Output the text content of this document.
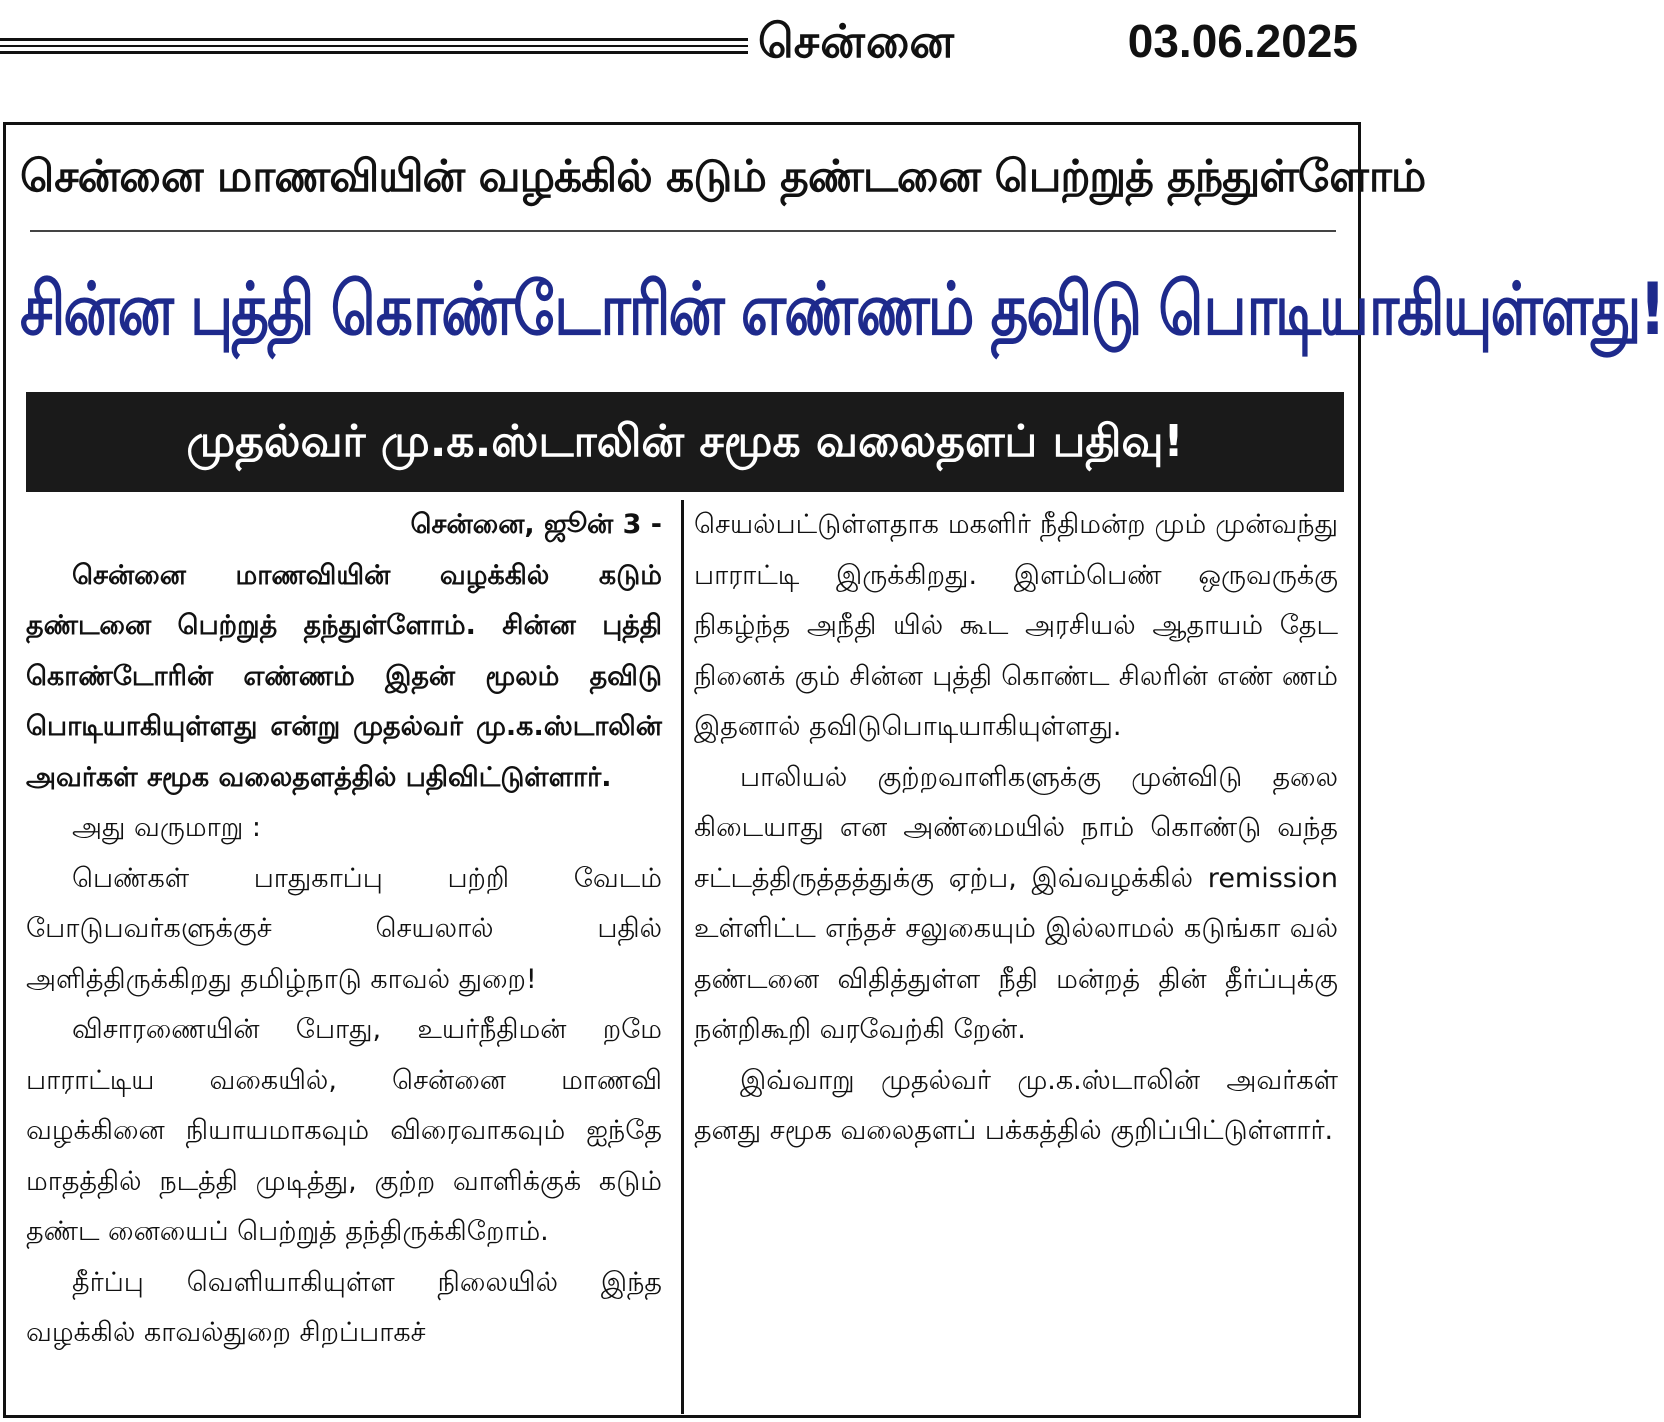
சென்னை	03.06.2025
சென்னை மாணவியின் வழக்கில் கடும் தண்டனை பெற்றுத் தந்துள்ளோம்
சின்ன புத்தி கொண்டோரின் எண்ணம் தவிடு பொடியாகியுள்ளது!
முதல்வர் மு.க.ஸ்டாலின் சமூக வலைதளப் பதிவு!

சென்னை, ஜூன் 3 -

சென்னை மாணவியின் வழக்கில் கடும் தண்டனை பெற்றுத் தந்துள்ளோம். சின்ன புத்தி கொண்டோரின் எண்ணம் இதன் மூலம் தவிடு பொடியாகியுள்ளது என்று முதல்வர் மு.க.ஸ்டாலின் அவர்கள் சமூக வலைதளத்தில் பதிவிட்டுள்ளார்.

அது வருமாறு :

பெண்கள் பாதுகாப்பு பற்றி வேடம் போடுபவர்களுக்குச் செயலால் பதில் அளித்திருக்கிறது தமிழ்நாடு காவல் துறை!

விசாரணையின் போது, உயர்நீதிமன் றமே பாராட்டிய வகையில், சென்னை மாணவி வழக்கினை நியாயமாகவும் விரைவாகவும் ஐந்தே மாதத்தில் நடத்தி முடித்து, குற்ற வாளிக்குக் கடும் தண்ட னையைப் பெற்றுத் தந்திருக்கிறோம்.

தீர்ப்பு வெளியாகியுள்ள நிலையில் இந்த வழக்கில் காவல்துறை சிறப்பாகச்

செயல்பட்டுள்ளதாக மகளிர் நீதிமன்ற மும் முன்வந்து பாராட்டி இருக்கிறது. இளம்பெண் ஒருவருக்கு நிகழ்ந்த அநீதி யில் கூட அரசியல் ஆதாயம் தேட நினைக் கும் சின்ன புத்தி கொண்ட சிலரின் எண் ணம் இதனால் தவிடுபொடியாகியுள்ளது.

பாலியல் குற்றவாளிகளுக்கு முன்விடு தலை கிடையாது என அண்மையில் நாம் கொண்டு வந்த சட்டத்திருத்தத்துக்கு ஏற்ப, இவ்வழக்கில் remission உள்ளிட்ட எந்தச் சலுகையும் இல்லாமல் கடுங்கா வல் தண்டனை விதித்துள்ள நீதி மன்றத் தின் தீர்ப்புக்கு நன்றிகூறி வரவேற்கி றேன்.

இவ்வாறு முதல்வர் மு.க.ஸ்டாலின் அவர்கள் தனது சமூக வலைதளப் பக்கத்தில் குறிப்பிட்டுள்ளார்.
